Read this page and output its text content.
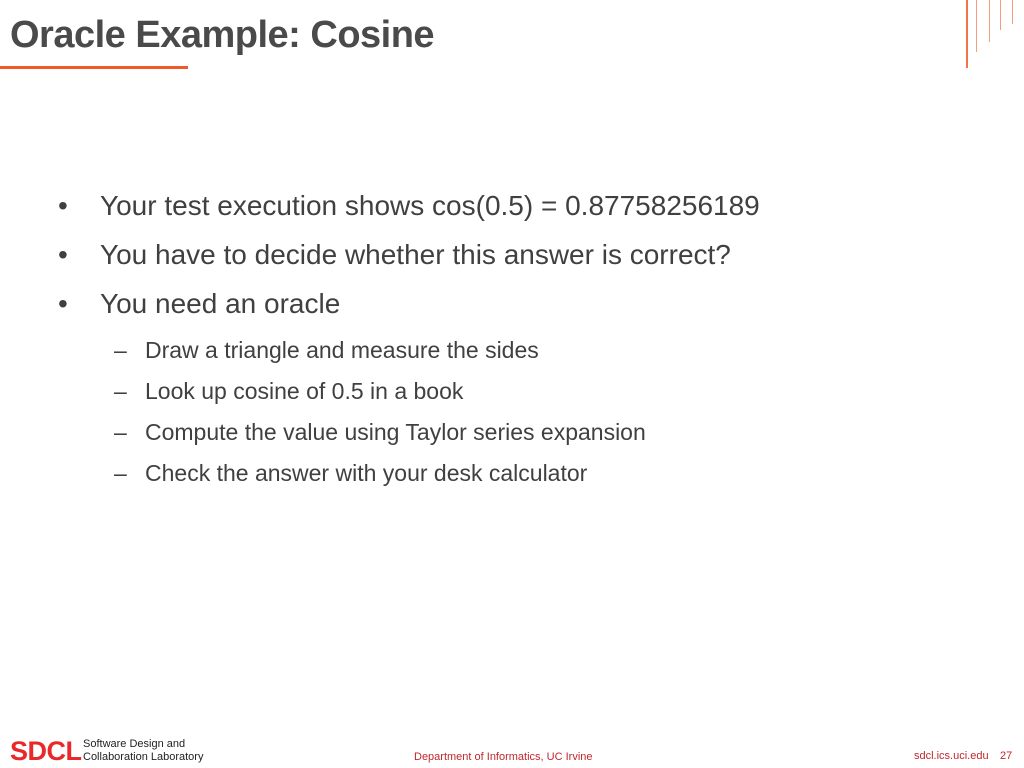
Oracle Example: Cosine
•	Your test execution shows cos(0.5) = 0.87758256189
•	You have to decide whether this answer is correct?
•	You need an oracle
– Draw a triangle and measure the sides
– Look up cosine of 0.5 in a book
– Compute the value using Taylor series expansion
– Check the answer with your desk calculator
SDCL Software Design and
Collaboration Laboratory	Department of Informatics, UC Irvine	sdcl.ics.uci.edu 27
